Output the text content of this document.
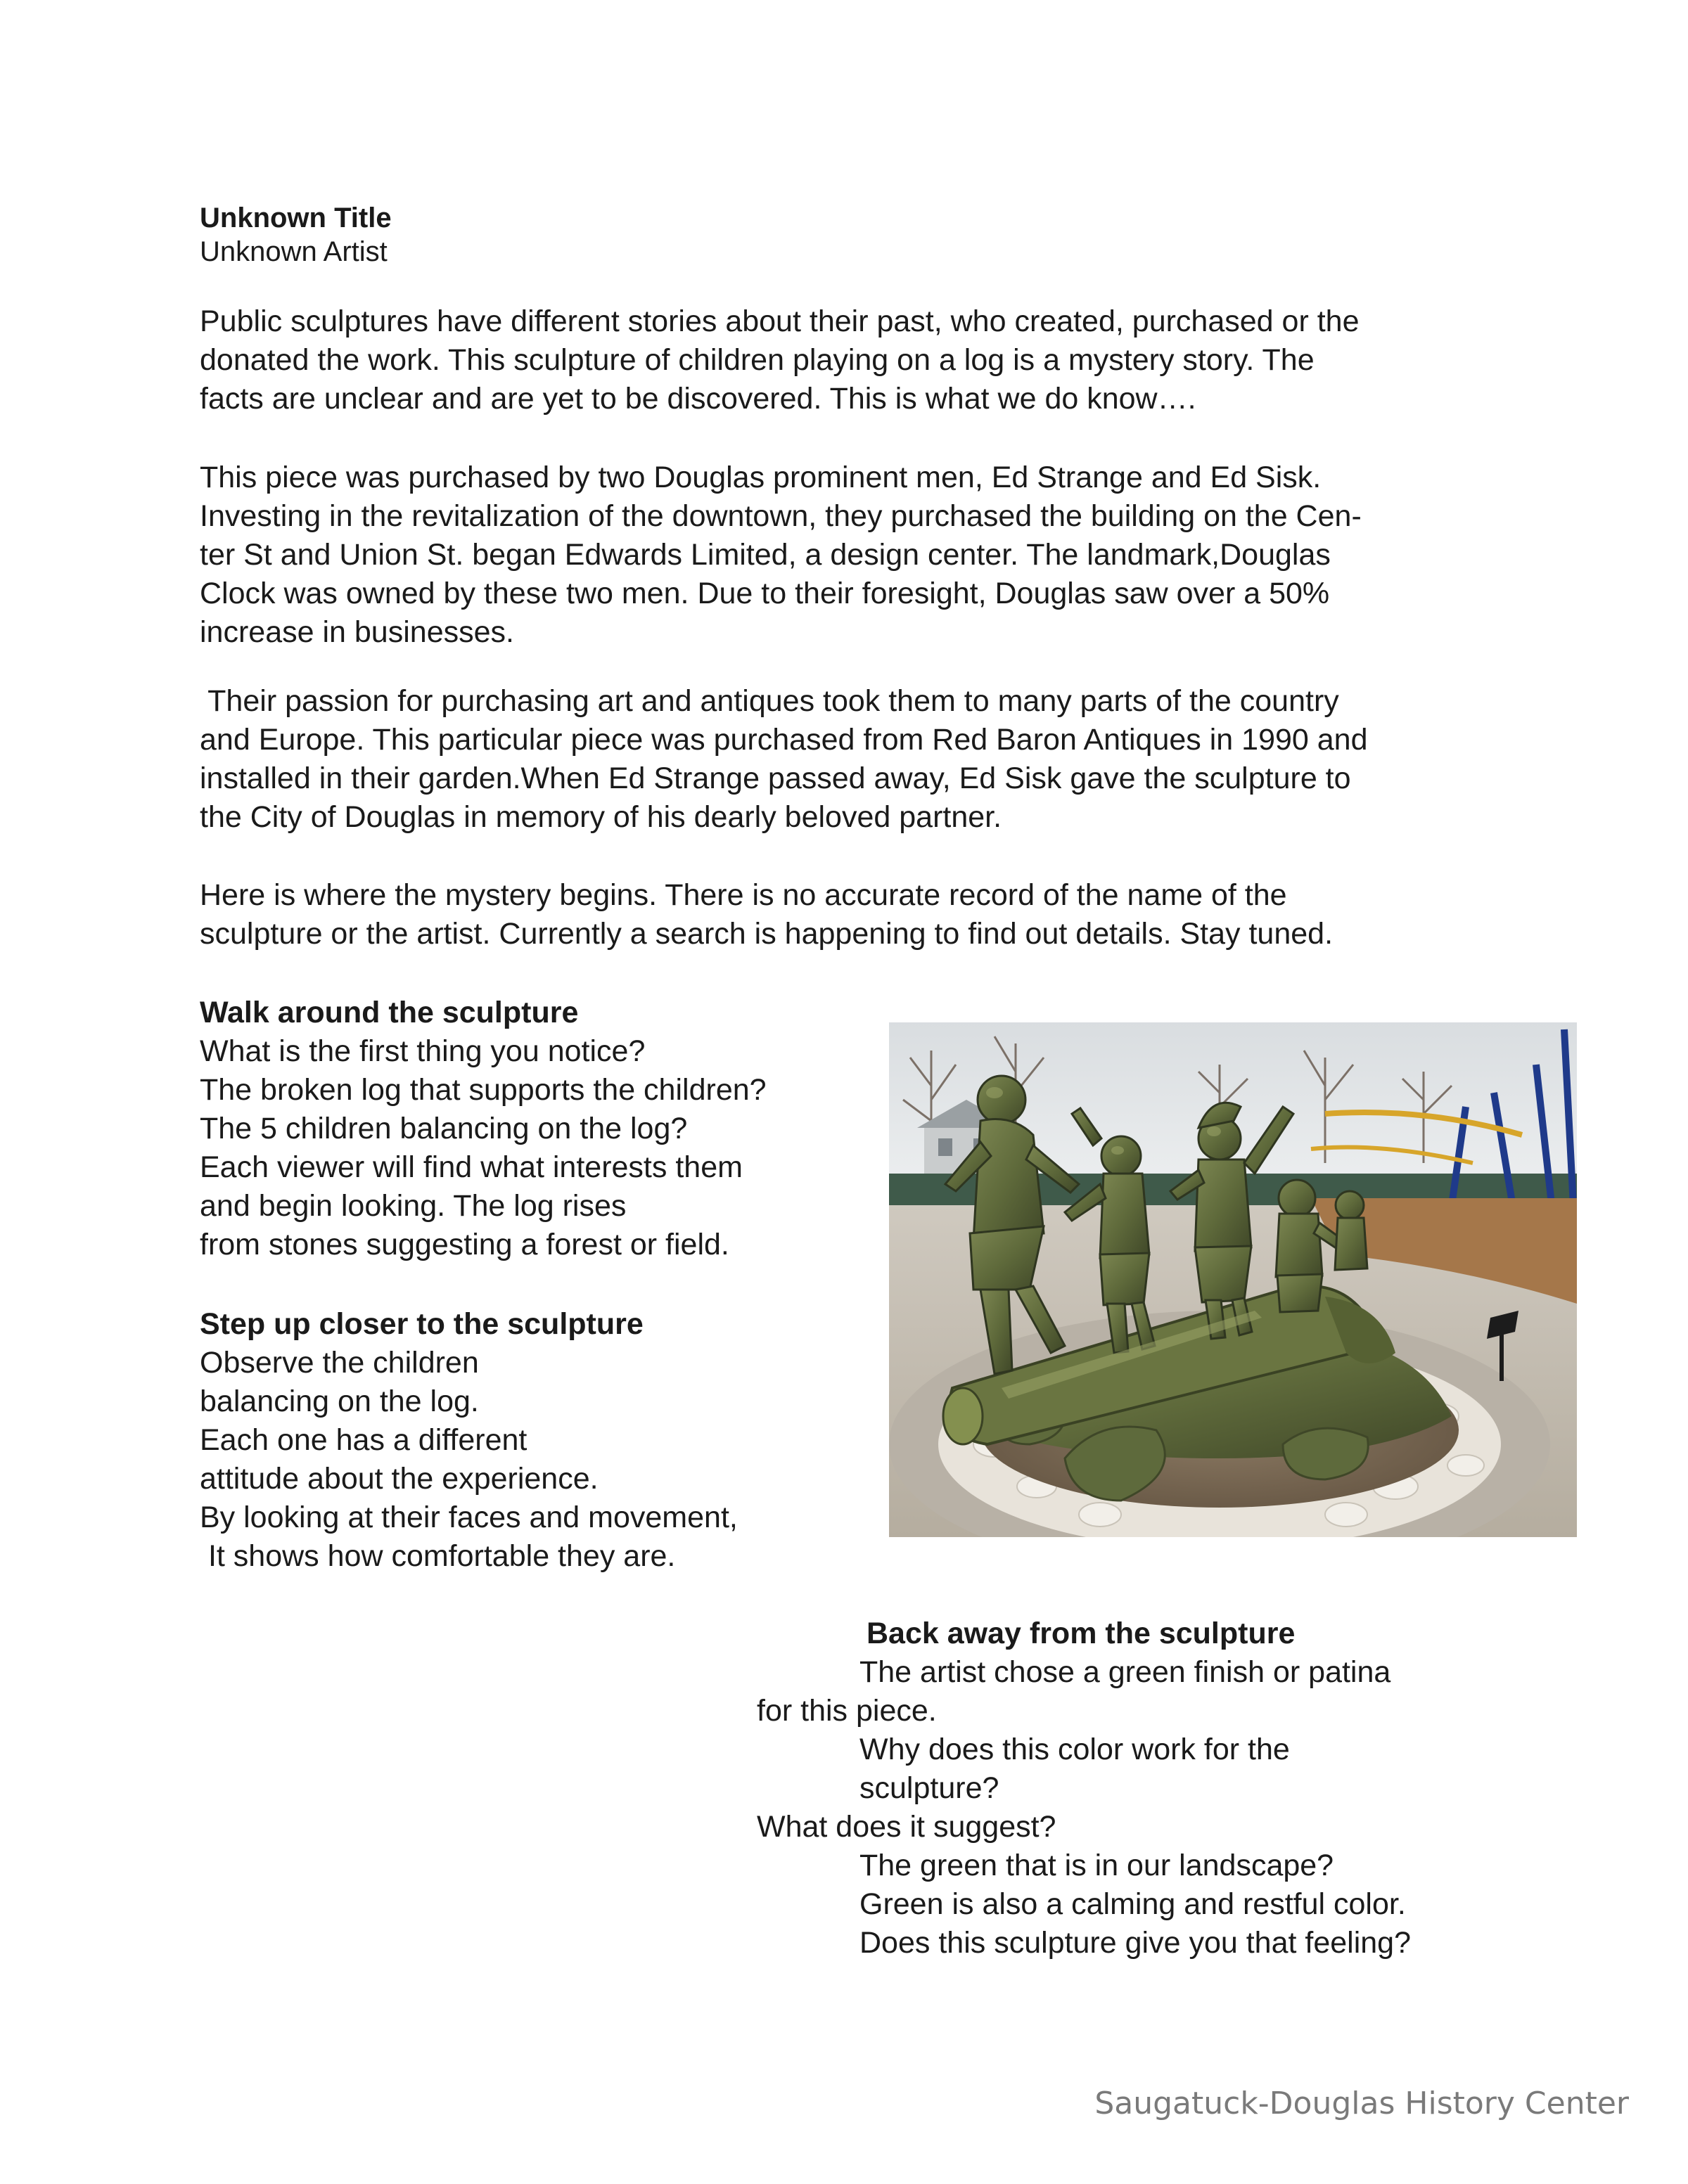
Unknown Title
Unknown Artist
Public sculptures have different stories about their past, who created, purchased or the
donated the work. This sculpture of children playing on a log is a mystery story. The
facts are unclear and are yet to be discovered. This is what we do know….
This piece was purchased by two Douglas prominent men, Ed Strange and Ed Sisk.
Investing in the revitalization of the downtown, they purchased the building on the Cen-
ter St and Union St. began Edwards Limited, a design center. The landmark,Douglas
Clock was owned by these two men. Due to their foresight, Douglas saw over a 50%
increase in businesses.
Their passion for purchasing art and antiques took them to many parts of the country
and Europe. This particular piece was purchased from Red Baron Antiques in 1990 and
installed in their garden.When Ed Strange passed away, Ed Sisk gave the sculpture to
the City of Douglas in memory of his dearly beloved partner.
Here is where the mystery begins. There is no accurate record of the name of the
sculpture or the artist. Currently a search is happening to find out details. Stay tuned.
Walk around the sculpture
What is the first thing you notice?
The broken log that supports the children?
The 5 children balancing on the log?
Each viewer will find what interests them
and begin looking. The log rises
from stones suggesting a forest or field.
Step up closer to the sculpture
Observe the children
balancing on the log.
Each one has a different
attitude about the experience.
By looking at their faces and movement,
It shows how comfortable they are.
Back away from the sculpture
The artist chose a green finish or patina
for this piece.
Why does this color work for the
sculpture?
What does it suggest?
The green that is in our landscape?
Green is also a calming and restful color.
Does this sculpture give you that feeling?
Saugatuck-Douglas History Center
